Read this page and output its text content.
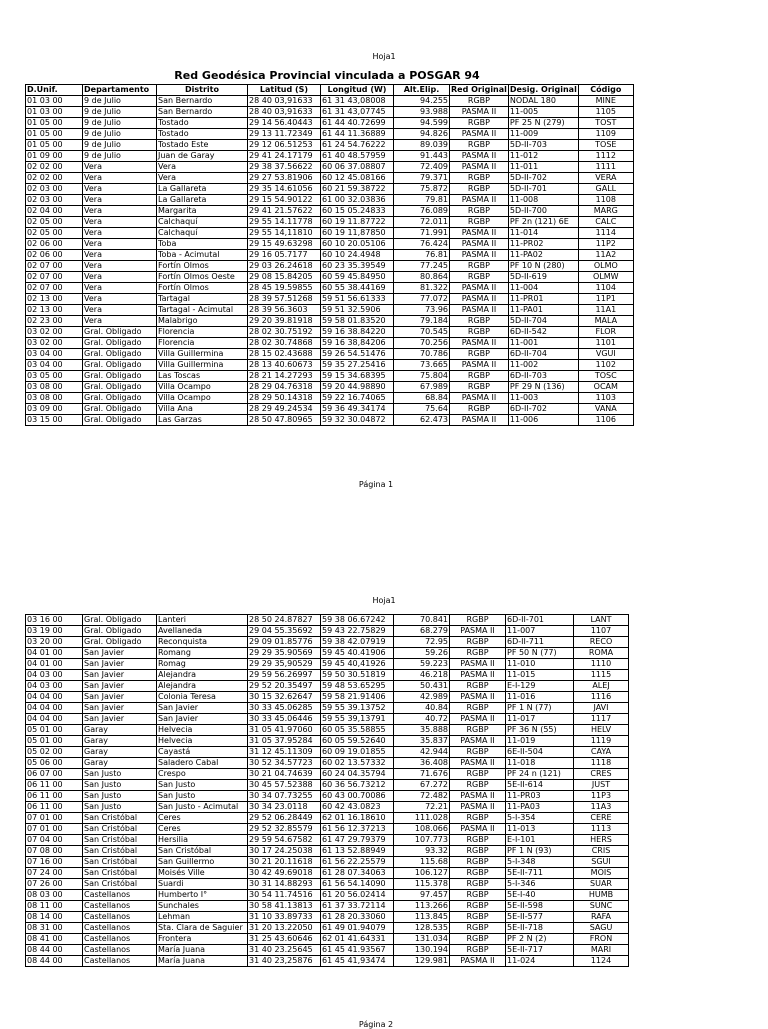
Hoja1
Red Geodésica Provincial vinculada a POSGAR 94
D.Unif.	Departamento	Distrito	Latitud (S)	Longitud (W)	Alt.Elip.	Red Original	Desig. Original	Código
01 03 00	9 de Julio	San Bernardo	28 40 03,91633	61 31 43,08008	94.255	RGBP	NODAL 180	MINE
01 03 00	9 de Julio	San Bernardo	28 40 03,91633	61 31 43,07745	93.988	PASMA II	11-005	1105
01 05 00	9 de Julio	Tostado	29 14 56.40443	61 44 40.72699	94.599	RGBP	PF 25 N (279)	TOST
01 05 00	9 de Julio	Tostado	29 13 11.72349	61 44 11.36889	94.826	PASMA II	11-009	1109
01 05 00	9 de Julio	Tostado Este	29 12 06.51253	61 24 54.76222	89.039	RGBP	5D-II-703	TOSE
01 09 00	9 de Julio	Juan de Garay	29 41 24.17179	61 40 48.57959	91.443	PASMA II	11-012	1112
02 02 00	Vera	Vera	29 38 37.56622	60 06 37.08807	72.409	PASMA II	11-011	1111
02 02 00	Vera	Vera	29 27 53.81906	60 12 45.08166	79.371	RGBP	5D-II-702	VERA
02 03 00	Vera	La Gallareta	29 35 14.61056	60 21 59.38722	75.872	RGBP	5D-II-701	GALL
02 03 00	Vera	La Gallareta	29 15 54.90122	61 00 32.03836	79.81	PASMA II	11-008	1108
02 04 00	Vera	Margarita	29 41 21.57622	60 15 05.24833	76.089	RGBP	5D-II-700	MARG
02 05 00	Vera	Calchaquí	29 55 14.11778	60 19 11.87722	72.011	RGBP	PF 2n (121) 6E	CALC
02 05 00	Vera	Calchaquí	29 55 14,11810	60 19 11,87850	71.991	PASMA II	11-014	1114
02 06 00	Vera	Toba	29 15 49.63298	60 10 20.05106	76.424	PASMA II	11-PR02	11P2
02 06 00	Vera	Toba - Acimutal	29 16 05.7177	60 10 24.4948	76.81	PASMA II	11-PA02	11A2
02 07 00	Vera	Fortín Olmos	29 03 26.24618	60 23 35.39549	77.245	RGBP	PF 10 N (280)	OLMO
02 07 00	Vera	Fortín Olmos Oeste	29 08 15.84205	60 59 45.84950	80.864	RGBP	5D-II-619	OLMW
02 07 00	Vera	Fortín Olmos	28 45 19.59855	60 55 38.44169	81.322	PASMA II	11-004	1104
02 13 00	Vera	Tartagal	28 39 57.51268	59 51 56.61333	77.072	PASMA II	11-PR01	11P1
02 13 00	Vera	Tartagal - Acimutal	28 39 56.3603	59 51 32.5906	73.96	PASMA II	11-PA01	11A1
02 23 00	Vera	Malabrigo	29 20 39.81918	59 58 01.83520	79.184	RGBP	5D-II-704	MALA
03 02 00	Gral. Obligado	Florencia	28 02 30.75192	59 16 38.84220	70.545	RGBP	6D-II-542	FLOR
03 02 00	Gral. Obligado	Florencia	28 02 30.74868	59 16 38,84206	70.256	PASMA II	11-001	1101
03 04 00	Gral. Obligado	Villa Guillermina	28 15 02.43688	59 26 54.51476	70.786	RGBP	6D-II-704	VGUI
03 04 00	Gral. Obligado	Villa Guillermina	28 13 40.60673	59 35 27.25416	73.665	PASMA II	11-002	1102
03 05 00	Gral. Obligado	Las Toscas	28 21 14.27293	59 15 34.68395	75.804	RGBP	6D-II-703	TOSC
03 08 00	Gral. Obligado	Villa Ocampo	28 29 04.76318	59 20 44.98890	67.989	RGBP	PF 29 N (136)	OCAM
03 08 00	Gral. Obligado	Villa Ocampo	28 29 50.14318	59 22 16.74065	68.84	PASMA II	11-003	1103
03 09 00	Gral. Obligado	Villa Ana	28 29 49.24534	59 36 49.34174	75.64	RGBP	6D-II-702	VANA
03 15 00	Gral. Obligado	Las Garzas	28 50 47.80965	59 32 30.04872	62.473	PASMA II	11-006	1106
Página 1
Hoja1
03 16 00	Gral. Obligado	Lanteri	28 50 24.87827	59 38 06.67242	70.841	RGBP	6D-II-701	LANT
03 19 00	Gral. Obligado	Avellaneda	29 04 55.35692	59 43 22.75829	68.279	PASMA II	11-007	1107
03 20 00	Gral. Obligado	Reconquista	29 09 01.85776	59 38 42.07919	72.95	RGBP	6D-II-711	RECO
04 01 00	San Javier	Romang	29 29 35.90569	59 45 40.41906	59.26	RGBP	PF 50 N (77)	ROMA
04 01 00	San Javier	Romag	29 29 35,90529	59 45 40,41926	59.223	PASMA II	11-010	1110
04 03 00	San Javier	Alejandra	29 59 56.26997	59 50 30.51819	46.218	PASMA II	11-015	1115
04 03 00	San Javier	Alejandra	29 52 20.35497	59 48 53.65295	50.431	RGBP	E-I-129	ALEJ
04 04 00	San Javier	Colonia Teresa	30 15 32.62647	59 58 21.91406	42.989	PASMA II	11-016	1116
04 04 00	San Javier	San Javier	30 33 45.06285	59 55 39.13752	40.84	RGBP	PF 1 N (77)	JAVI
04 04 00	San Javier	San Javier	30 33 45.06446	59 55 39,13791	40.72	PASMA II	11-017	1117
05 01 00	Garay	Helvecia	31 05 41.97060	60 05 35.58855	35.888	RGBP	PF 36 N (55)	HELV
05 01 00	Garay	Helvecia	31 05 37.95284	60 05 59.52640	35.837	PASMA II	11-019	1119
05 02 00	Garay	Cayastá	31 12 45.11309	60 09 19.01855	42.944	RGBP	6E-II-504	CAYA
05 06 00	Garay	Saladero Cabal	30 52 34.57723	60 02 13.57332	36.408	PASMA II	11-018	1118
06 07 00	San Justo	Crespo	30 21 04.74639	60 24 04.35794	71.676	RGBP	PF 24 n (121)	CRES
06 11 00	San Justo	San Justo	30 45 57.52388	60 36 56.73212	67.272	RGBP	5E-II-614	JUST
06 11 00	San Justo	San Justo	30 34 07.73255	60 43 00.70086	72.482	PASMA II	11-PR03	11P3
06 11 00	San Justo	San Justo - Acimutal	30 34 23.0118	60 42 43.0823	72.21	PASMA II	11-PA03	11A3
07 01 00	San Cristóbal	Ceres	29 52 06.28449	62 01 16.18610	111.028	RGBP	5-I-354	CERE
07 01 00	San Cristóbal	Ceres	29 52 32.85579	61 56 12.37213	108.066	PASMA II	11-013	1113
07 04 00	San Cristóbal	Hersilia	29 59 54.67582	61 47 29.79379	107.773	RGBP	E-I-101	HERS
07 08 00	San Cristóbal	San Cristóbal	30 17 24.25038	61 13 52.88949	93.32	RGBP	PF 1 N (93)	CRIS
07 16 00	San Cristóbal	San Guillermo	30 21 20.11618	61 56 22.25579	115.68	RGBP	5-I-348	SGUI
07 24 00	San Cristóbal	Moisés Ville	30 42 49.69018	61 28 07.34063	106.127	RGBP	5E-II-711	MOIS
07 26 00	San Cristóbal	Suardi	30 31 14.88293	61 56 54.14090	115.378	RGBP	5-I-346	SUAR
08 03 00	Castellanos	Humberto I°	30 54 11.74516	61 20 56.02414	97.457	RGBP	5E-I-40	HUMB
08 11 00	Castellanos	Sunchales	30 58 41.13813	61 37 33.72114	113.266	RGBP	5E-II-598	SUNC
08 14 00	Castellanos	Lehman	31 10 33.89733	61 28 20.33060	113.845	RGBP	5E-II-577	RAFA
08 31 00	Castellanos	Sta. Clara de Saguier	31 20 13.22050	61 49 01.94079	128.535	RGBP	5E-II-718	SAGU
08 41 00	Castellanos	Frontera	31 25 43.60646	62 01 41.64331	131.034	RGBP	PF 2 N (2)	FRON
08 44 00	Castellanos	María Juana	31 40 23.25645	61 45 41.93567	130.194	RGBP	5E-II-717	MARI
08 44 00	Castellanos	María Juana	31 40 23,25876	61 45 41,93474	129.981	PASMA II	11-024	1124
Página 2
